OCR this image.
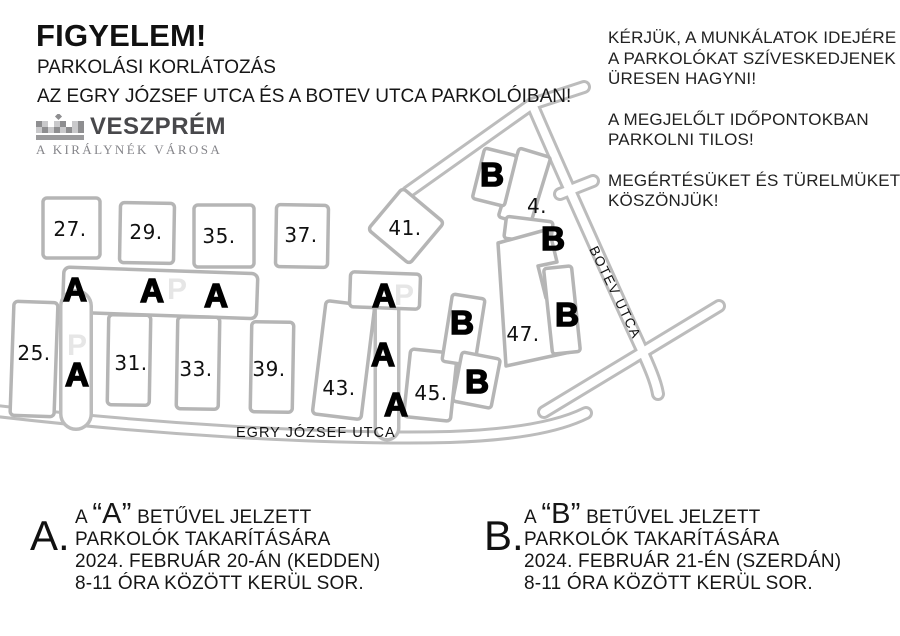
P
P
P
27. 29. 35. 37.	41.
4.
25.	31. 33. 39.
43.	45.
47.
A A A
A
A
A
A
B
B
B
B
B BOTEV UTCA
EGRY JÓZSEF UTCA
FIGYELEM!
PARKOLÁSI KORLÁTOZÁS
AZ EGRY JÓZSEF UTCA ÉS A BOTEV UTCA PARKOLÓIBAN!
VESZPRÉM
A KIRÁLYNÉK VÁROSA

KÉRJÜK, A MUNKÁLATOK IDEJÉRE A PARKOLÓKAT SZÍVESKEDJENEK ÜRESEN HAGYNI!

A MEGJELŐLT IDŐPONTOKBAN PARKOLNI TILOS!

MEGÉRTÉSÜKET ÉS TÜRELMÜKET KÖSZÖNJÜK!

A. A “A” BETŰVEL JELZETT
PARKOLÓK TAKARÍTÁSÁRA
2024. FEBRUÁR 20-ÁN (KEDDEN)
8-11 ÓRA KÖZÖTT KERÜL SOR.
B. A “B” BETŰVEL JELZETT
PARKOLÓK TAKARÍTÁSÁRA
2024. FEBRUÁR 21-ÉN (SZERDÁN)
8-11 ÓRA KÖZÖTT KERÜL SOR.
